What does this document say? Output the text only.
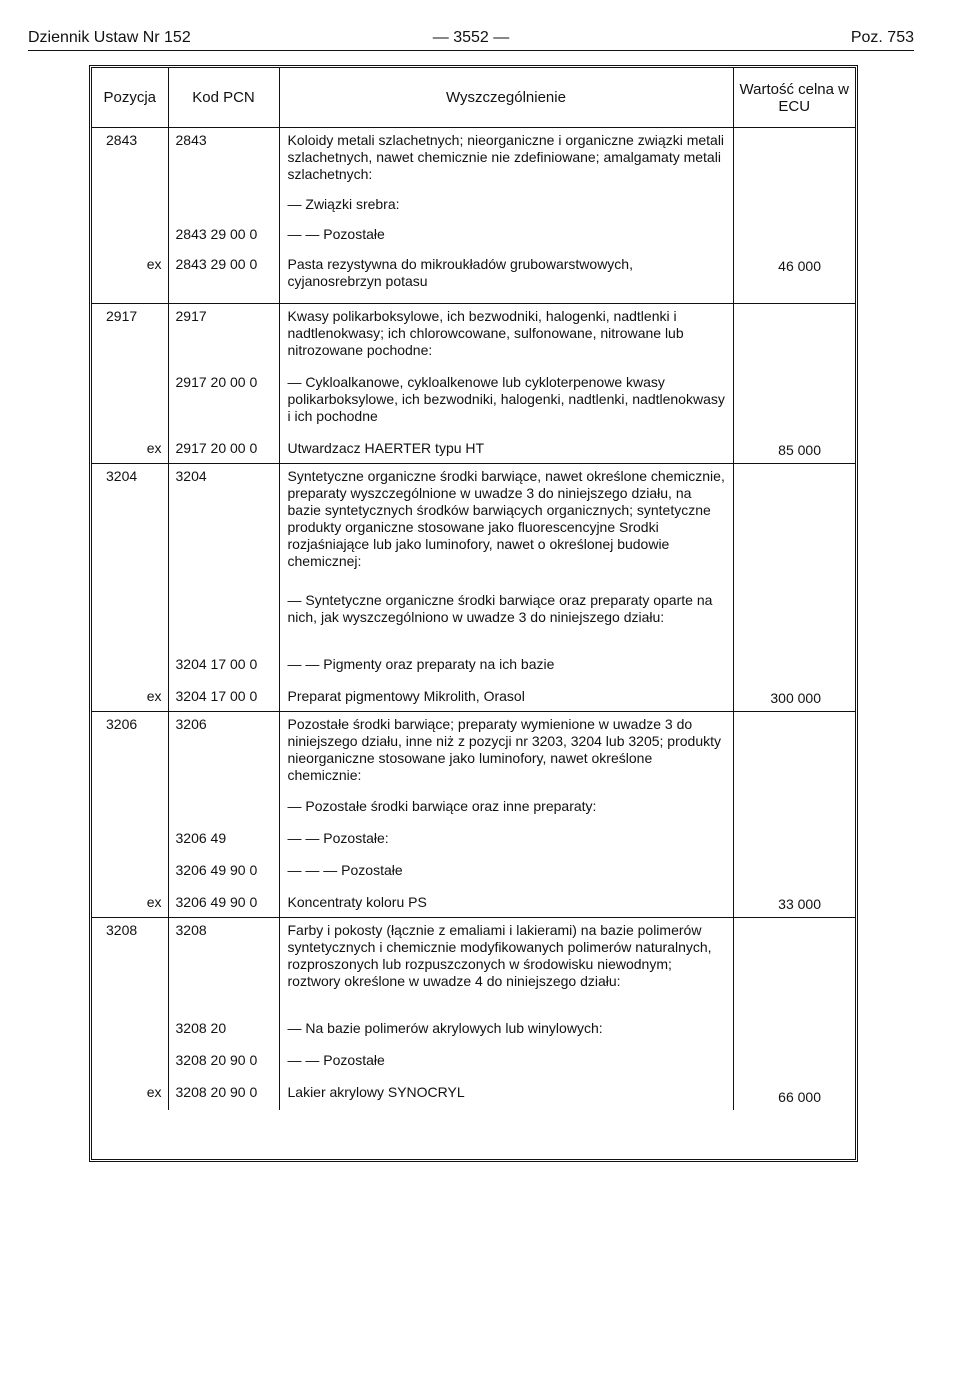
Dziennik Ustaw Nr 152	— 3552 —	Poz. 753
Pozycja	Kod PCN	Wyszczególnienie	Wartość celna w ECU
2843	2843	Koloidy metali szlachetnych; nieorganiczne i organiczne związki metali szlachetnych, nawet chemicznie nie zdefiniowane; amalgamaty metali szlachetnych:	
		— Związki srebra:	
	2843 29 00 0	— — Pozostałe	
ex	2843 29 00 0	Pasta rezystywna do mikroukładów grubowarstwowych, cyjanosrebrzyn potasu	46 000
2917	2917	Kwasy polikarboksylowe, ich bezwodniki, halogenki, nadtlenki i nadtlenokwasy; ich chlorowcowane, sulfonowane, nitrowane lub nitrozowane pochodne:	
	2917 20 00 0	— Cykloalkanowe, cykloalkenowe lub cykloterpenowe kwasy polikarboksylowe, ich bezwodniki, halogenki, nadtlenki, nadtlenokwasy i ich pochodne	
ex	2917 20 00 0	Utwardzacz HAERTER typu HT	85 000
3204	3204	Syntetyczne organiczne środki barwiące, nawet określone chemicznie, preparaty wyszczególnione w uwadze 3 do niniejszego działu, na bazie syntetycznych środków barwiących organicznych; syntetyczne produkty organiczne stosowane jako fluorescencyjne Srodki rozjaśniające lub jako luminofory, nawet o określonej budowie chemicznej:	
		— Syntetyczne organiczne środki barwiące oraz preparaty oparte na nich, jak wyszczególniono w uwadze 3 do niniejszego działu:	
	3204 17 00 0	— — Pigmenty oraz preparaty na ich bazie	
ex	3204 17 00 0	Preparat pigmentowy Mikrolith, Orasol	300 000
3206	3206	Pozostałe środki barwiące; preparaty wymienione w uwadze 3 do niniejszego działu, inne niż z pozycji nr 3203, 3204 lub 3205; produkty nieorganiczne stosowane jako luminofory, nawet określone chemicznie:	
		— Pozostałe środki barwiące oraz inne preparaty:	
	3206 49	— — Pozostałe:	
	3206 49 90 0	— — — Pozostałe	
ex	3206 49 90 0	Koncentraty koloru PS	33 000
3208	3208	Farby i pokosty (łącznie z emaliami i lakierami) na bazie polimerów syntetycznych i chemicznie modyfikowanych polimerów naturalnych, rozproszonych lub rozpuszczonych w środowisku niewodnym; roztwory określone w uwadze 4 do niniejszego działu:	
	3208 20	— Na bazie polimerów akrylowych lub winylowych:	
	3208 20 90 0	— — Pozostałe	
ex	3208 20 90 0	Lakier akrylowy SYNOCRYL	66 000
